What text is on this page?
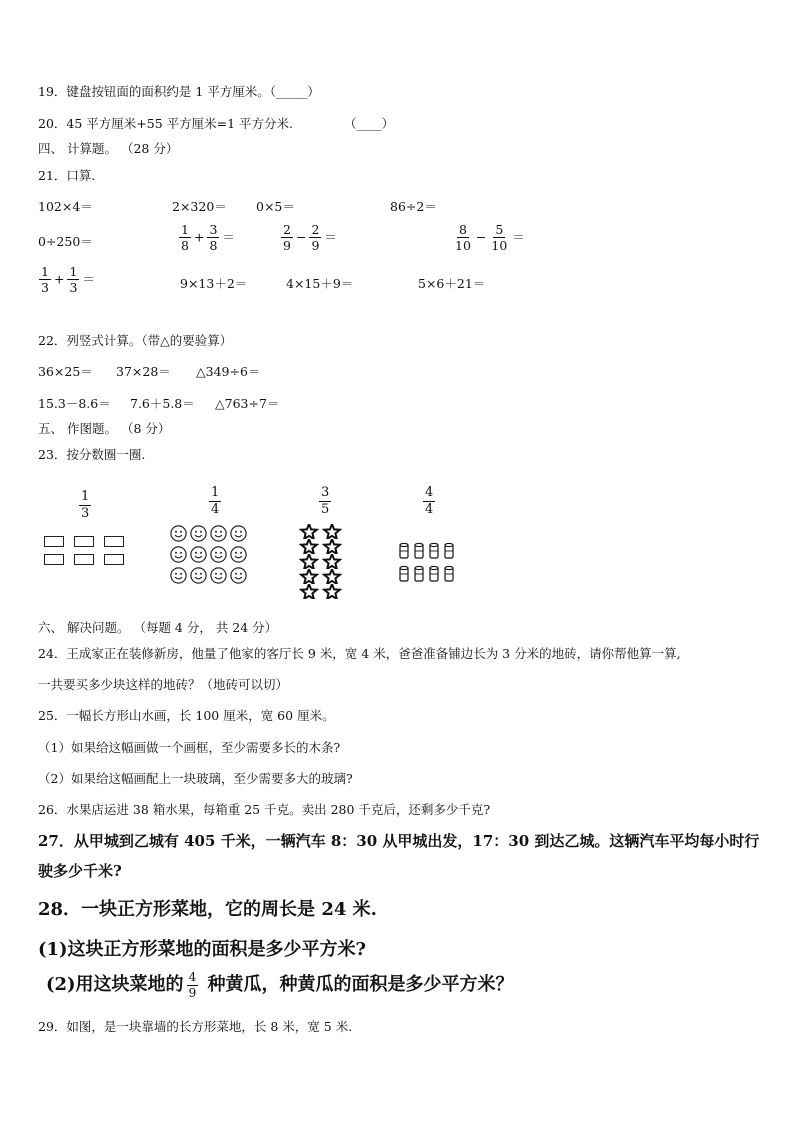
19．键盘按钮面的面积约是 1 平方厘米。（_____）
20．45 平方厘米+55 平方厘米=1 平方分米.	（____）
四、 计算题。 （28 分）
21．口算.
102×4＝	2×320＝ 0×5＝	86÷2＝
0÷250＝	$\frac{1}{8} + \frac{3}{8}$ ＝	$\frac{2}{9} - \frac{2}{9}$ ＝	$\frac{8}{10} - \frac{5}{10}$ ＝
$\frac{1}{3} + \frac{1}{3}$ ＝	9×13＋2＝	4×15＋9＝	5×6＋21＝
22．列竖式计算。（带△的要验算）
36×25＝ 37×28＝ △349÷6＝
15.3－8.6＝ 7.6＋5.8＝ △763÷7＝
五、 作图题。 （8 分）
23．按分数圈一圈.
$\frac{1}{3}$	$\frac{1}{4}$	$\frac{3}{5}$	$\frac{4}{4}$
六、 解决问题。 （每题 4 分， 共 24 分）
24．王成家正在装修新房，他量了他家的客厅长 9 米，宽 4 米，爸爸准备铺边长为 3 分米的地砖，请你帮他算一算,
一共要买多少块这样的地砖？（地砖可以切）
25．一幅长方形山水画，长 100 厘米，宽 60 厘米。
（1）如果给这幅画做一个画框，至少需要多长的木条?
（2）如果给这幅画配上一块玻璃，至少需要多大的玻璃?
26．水果店运进 38 箱水果，每箱重 25 千克。卖出 280 千克后，还剩多少千克?
27．从甲城到乙城有 405 千米，一辆汽车 8：30 从甲城出发，17：30 到达乙城。这辆汽车平均每小时行
驶多少千米?
28．一块正方形菜地，它的周长是 24 米.
(1)这块正方形菜地的面积是多少平方米?
(2)用这块菜地的 $\frac{4}{9}$ 种黄瓜，种黄瓜的面积是多少平方米？
29．如图，是一块靠墙的长方形菜地，长 8 米，宽 5 米.
